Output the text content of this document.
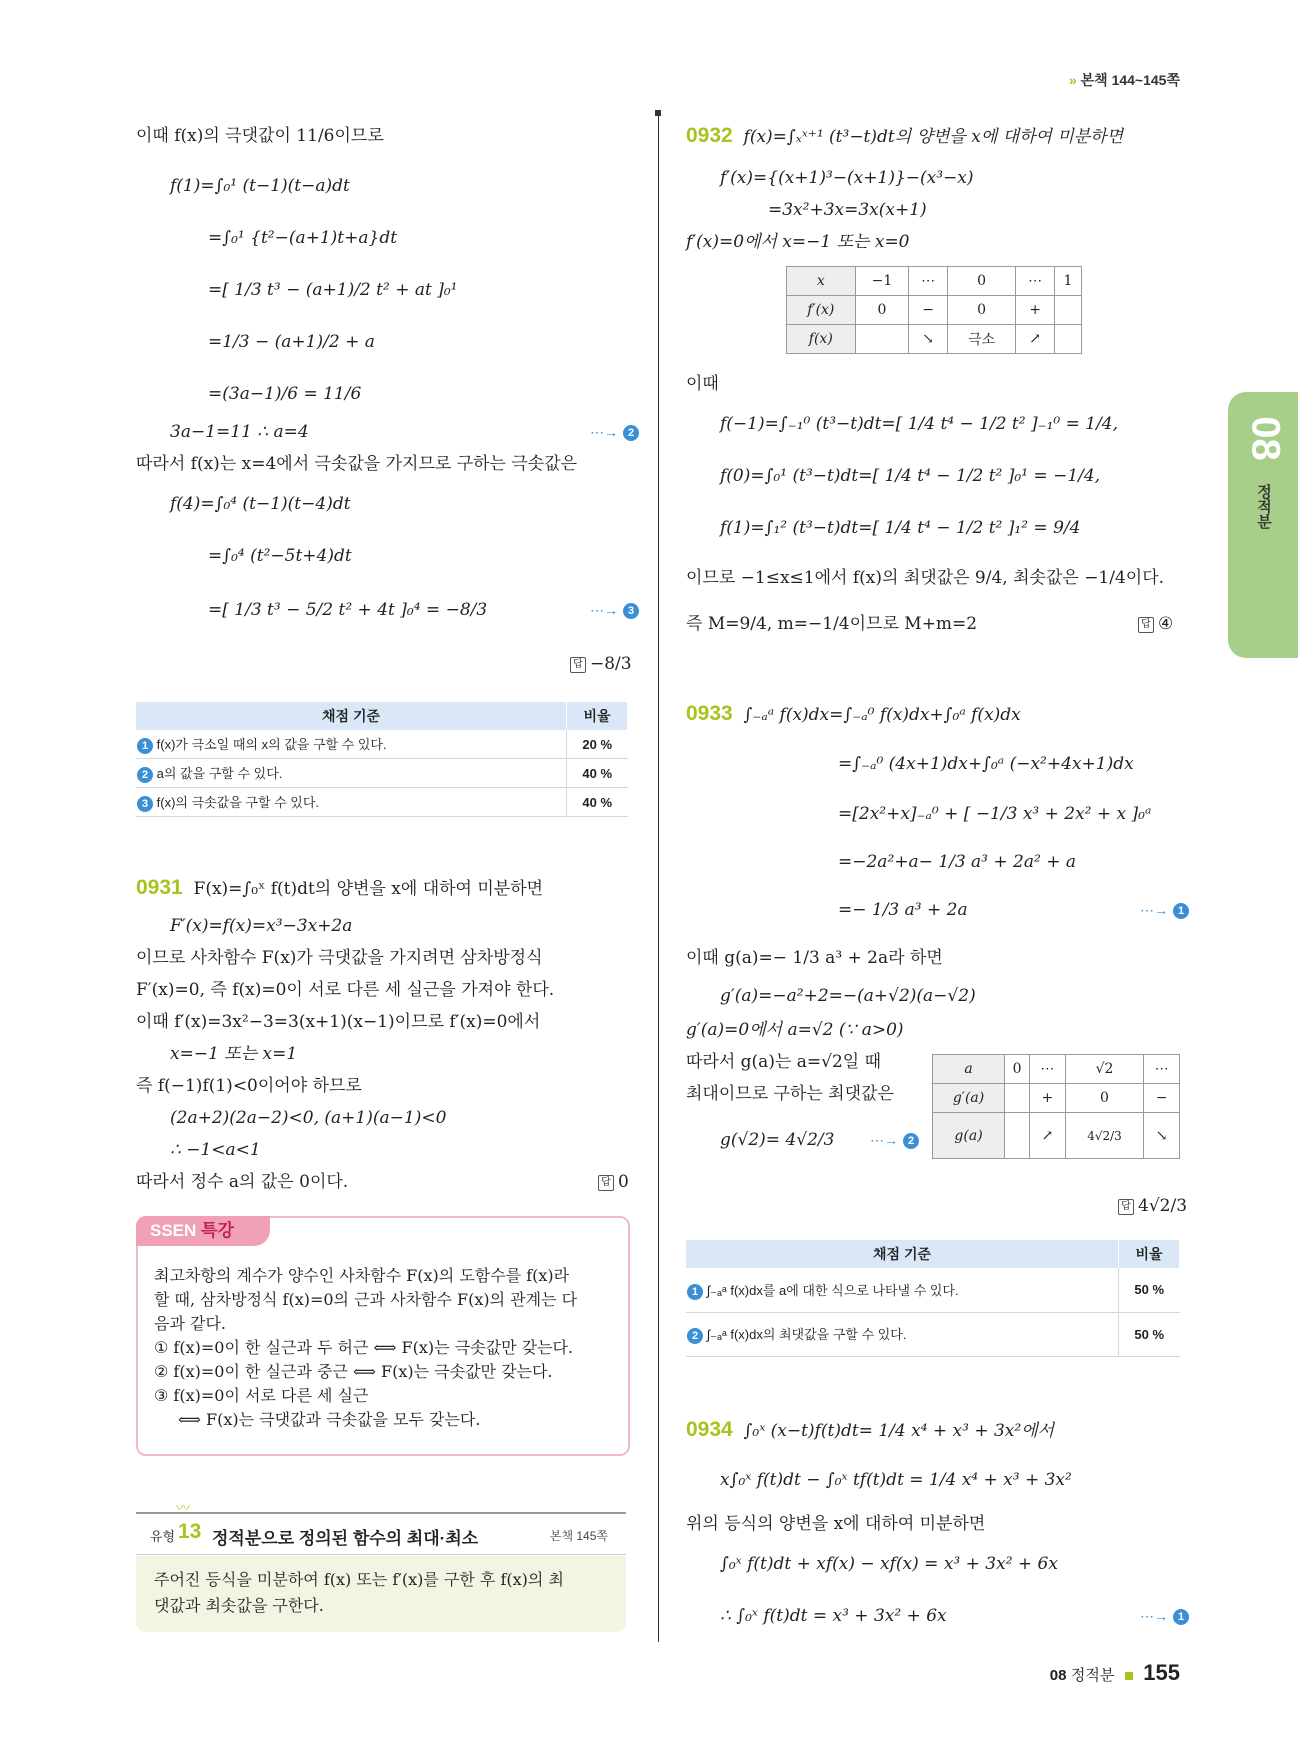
» 본책 144~145쪽
08
정적분
이때 f(x)의 극댓값이 11/6이므로
f(1)=∫₀¹ (t−1)(t−a)dt
=∫₀¹ {t²−(a+1)t+a}dt
=[ 1/3 t³ − (a+1)/2 t² + at ]₀¹
=1/3 − (a+1)/2 + a
=(3a−1)/6 = 11/6
3a−1=11 ∴ a=4	⋯→ 2
따라서 f(x)는 x=4에서 극솟값을 가지므로 구하는 극솟값은
f(4)=∫₀⁴ (t−1)(t−4)dt
=∫₀⁴ (t²−5t+4)dt
=[ 1/3 t³ − 5/2 t² + 4t ]₀⁴ = −8/3	⋯→ 3
답 −8/3
채점 기준	비율
1 f(x)가 극소일 때의 x의 값을 구할 수 있다.	20 %
2 a의 값을 구할 수 있다.	40 %
3 f(x)의 극솟값을 구할 수 있다.	40 %
0931 F(x)=∫₀ˣ f(t)dt의 양변을 x에 대하여 미분하면
F′(x)=f(x)=x³−3x+2a
이므로 사차함수 F(x)가 극댓값을 가지려면 삼차방정식
F′(x)=0, 즉 f(x)=0이 서로 다른 세 실근을 가져야 한다.
이때 f′(x)=3x²−3=3(x+1)(x−1)이므로 f′(x)=0에서
x=−1 또는 x=1
즉 f(−1)f(1)<0이어야 하므로
(2a+2)(2a−2)<0, (a+1)(a−1)<0
∴ −1<a<1
따라서 정수 a의 값은 0이다.	답 0
SSEN 특강
최고차항의 계수가 양수인 사차함수 F(x)의 도함수를 f(x)라
할 때, 삼차방정식 f(x)=0의 근과 사차함수 F(x)의 관계는 다
음과 같다.
① f(x)=0이 한 실근과 두 허근 ⟺ F(x)는 극솟값만 갖는다.
② f(x)=0이 한 실근과 중근 ⟺ F(x)는 극솟값만 갖는다.
③ f(x)=0이 서로 다른 세 실근
⟺ F(x)는 극댓값과 극솟값을 모두 갖는다.
〰
유형 13 정적분으로 정의된 함수의 최대·최소	본책 145쪽
주어진 등식을 미분하여 f(x) 또는 f′(x)를 구한 후 f(x)의 최
댓값과 최솟값을 구한다.
0932 f(x)=∫ₓˣ⁺¹ (t³−t)dt의 양변을 x에 대하여 미분하면
f′(x)={(x+1)³−(x+1)}−(x³−x)
=3x²+3x=3x(x+1)
f′(x)=0에서 x=−1 또는 x=0
x	−1	⋯	0	⋯	1
f′(x)	0	−	0	+	
f(x)		↘	극소	↗	
이때
f(−1)=∫₋₁⁰ (t³−t)dt=[ 1/4 t⁴ − 1/2 t² ]₋₁⁰ = 1/4,
f(0)=∫₀¹ (t³−t)dt=[ 1/4 t⁴ − 1/2 t² ]₀¹ = −1/4,
f(1)=∫₁² (t³−t)dt=[ 1/4 t⁴ − 1/2 t² ]₁² = 9/4
이므로 −1≤x≤1에서 f(x)의 최댓값은 9/4, 최솟값은 −1/4이다.
즉 M=9/4, m=−1/4이므로 M+m=2	답 ④
0933 ∫₋ₐᵃ f(x)dx=∫₋ₐ⁰ f(x)dx+∫₀ᵃ f(x)dx
=∫₋ₐ⁰ (4x+1)dx+∫₀ᵃ (−x²+4x+1)dx
=[2x²+x]₋ₐ⁰ + [ −1/3 x³ + 2x² + x ]₀ᵃ
=−2a²+a− 1/3 a³ + 2a² + a
=− 1/3 a³ + 2a	⋯→ 1
이때 g(a)=− 1/3 a³ + 2a라 하면
g′(a)=−a²+2=−(a+√2)(a−√2)
g′(a)=0에서 a=√2 (∵ a>0)
따라서 g(a)는 a=√2일 때
최대이므로 구하는 최댓값은
g(√2)= 4√2/3	⋯→ 2
a	0	⋯	√2	⋯
g′(a)		+	0	−
g(a)		↗	4√2/3	↘
답 4√2/3
채점 기준	비율
1 ∫₋ₐᵃ f(x)dx를 a에 대한 식으로 나타낼 수 있다.	50 %
2 ∫₋ₐᵃ f(x)dx의 최댓값을 구할 수 있다.	50 %
0934 ∫₀ˣ (x−t)f(t)dt= 1/4 x⁴ + x³ + 3x²에서
x∫₀ˣ f(t)dt − ∫₀ˣ tf(t)dt = 1/4 x⁴ + x³ + 3x²
위의 등식의 양변을 x에 대하여 미분하면
∫₀ˣ f(t)dt + xf(x) − xf(x) = x³ + 3x² + 6x
∴ ∫₀ˣ f(t)dt = x³ + 3x² + 6x	⋯→ 1
08 정적분 155
